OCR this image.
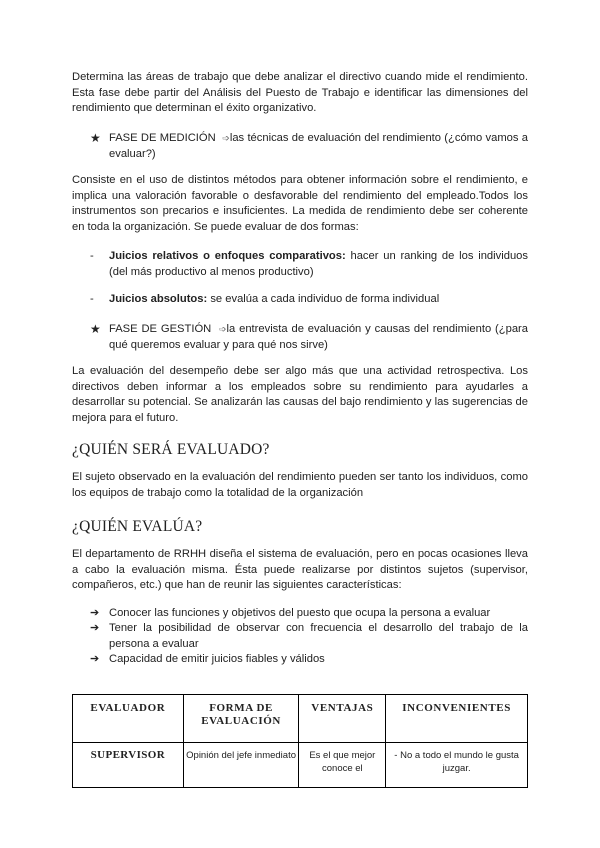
Determina las áreas de trabajo que debe analizar el directivo cuando mide el rendimiento. Esta fase debe partir del Análisis del Puesto de Trabajo e identificar las dimensiones del rendimiento que determinan el éxito organizativo.

★ FASE DE MEDICIÓN ➩las técnicas de evaluación del rendimiento (¿cómo vamos a evaluar?)

Consiste en el uso de distintos métodos para obtener información sobre el rendimiento, e implica una valoración favorable o desfavorable del rendimiento del empleado.Todos los instrumentos son precarios e insuficientes. La medida de rendimiento debe ser coherente en toda la organización. Se puede evaluar de dos formas:

- Juicios relativos o enfoques comparativos: hacer un ranking de los individuos (del más productivo al menos productivo)
- Juicios absolutos: se evalúa a cada individuo de forma individual
★ FASE DE GESTIÓN ➩la entrevista de evaluación y causas del rendimiento (¿para qué queremos evaluar y para qué nos sirve)

La evaluación del desempeño debe ser algo más que una actividad retrospectiva. Los directivos deben informar a los empleados sobre su rendimiento para ayudarles a desarrollar su potencial. Se analizarán las causas del bajo rendimiento y las sugerencias de mejora para el futuro.

¿QUIÉN SERÁ EVALUADO?

El sujeto observado en la evaluación del rendimiento pueden ser tanto los individuos, como los equipos de trabajo como la totalidad de la organización

¿QUIÉN EVALÚA?

El departamento de RRHH diseña el sistema de evaluación, pero en pocas ocasiones lleva a cabo la evaluación misma. Ésta puede realizarse por distintos sujetos (supervisor, compañeros, etc.) que han de reunir las siguientes características:

➔ Conocer las funciones y objetivos del puesto que ocupa la persona a evaluar
➔ Tener la posibilidad de observar con frecuencia el desarrollo del trabajo de la persona a evaluar
➔ Capacidad de emitir juicios fiables y válidos
EVALUADOR	FORMA DE EVALUACIÓN	VENTAJAS	INCONVENIENTES
SUPERVISOR	Opinión del jefe inmediato	Es el que mejor conoce el	- No a todo el mundo le gusta juzgar.
